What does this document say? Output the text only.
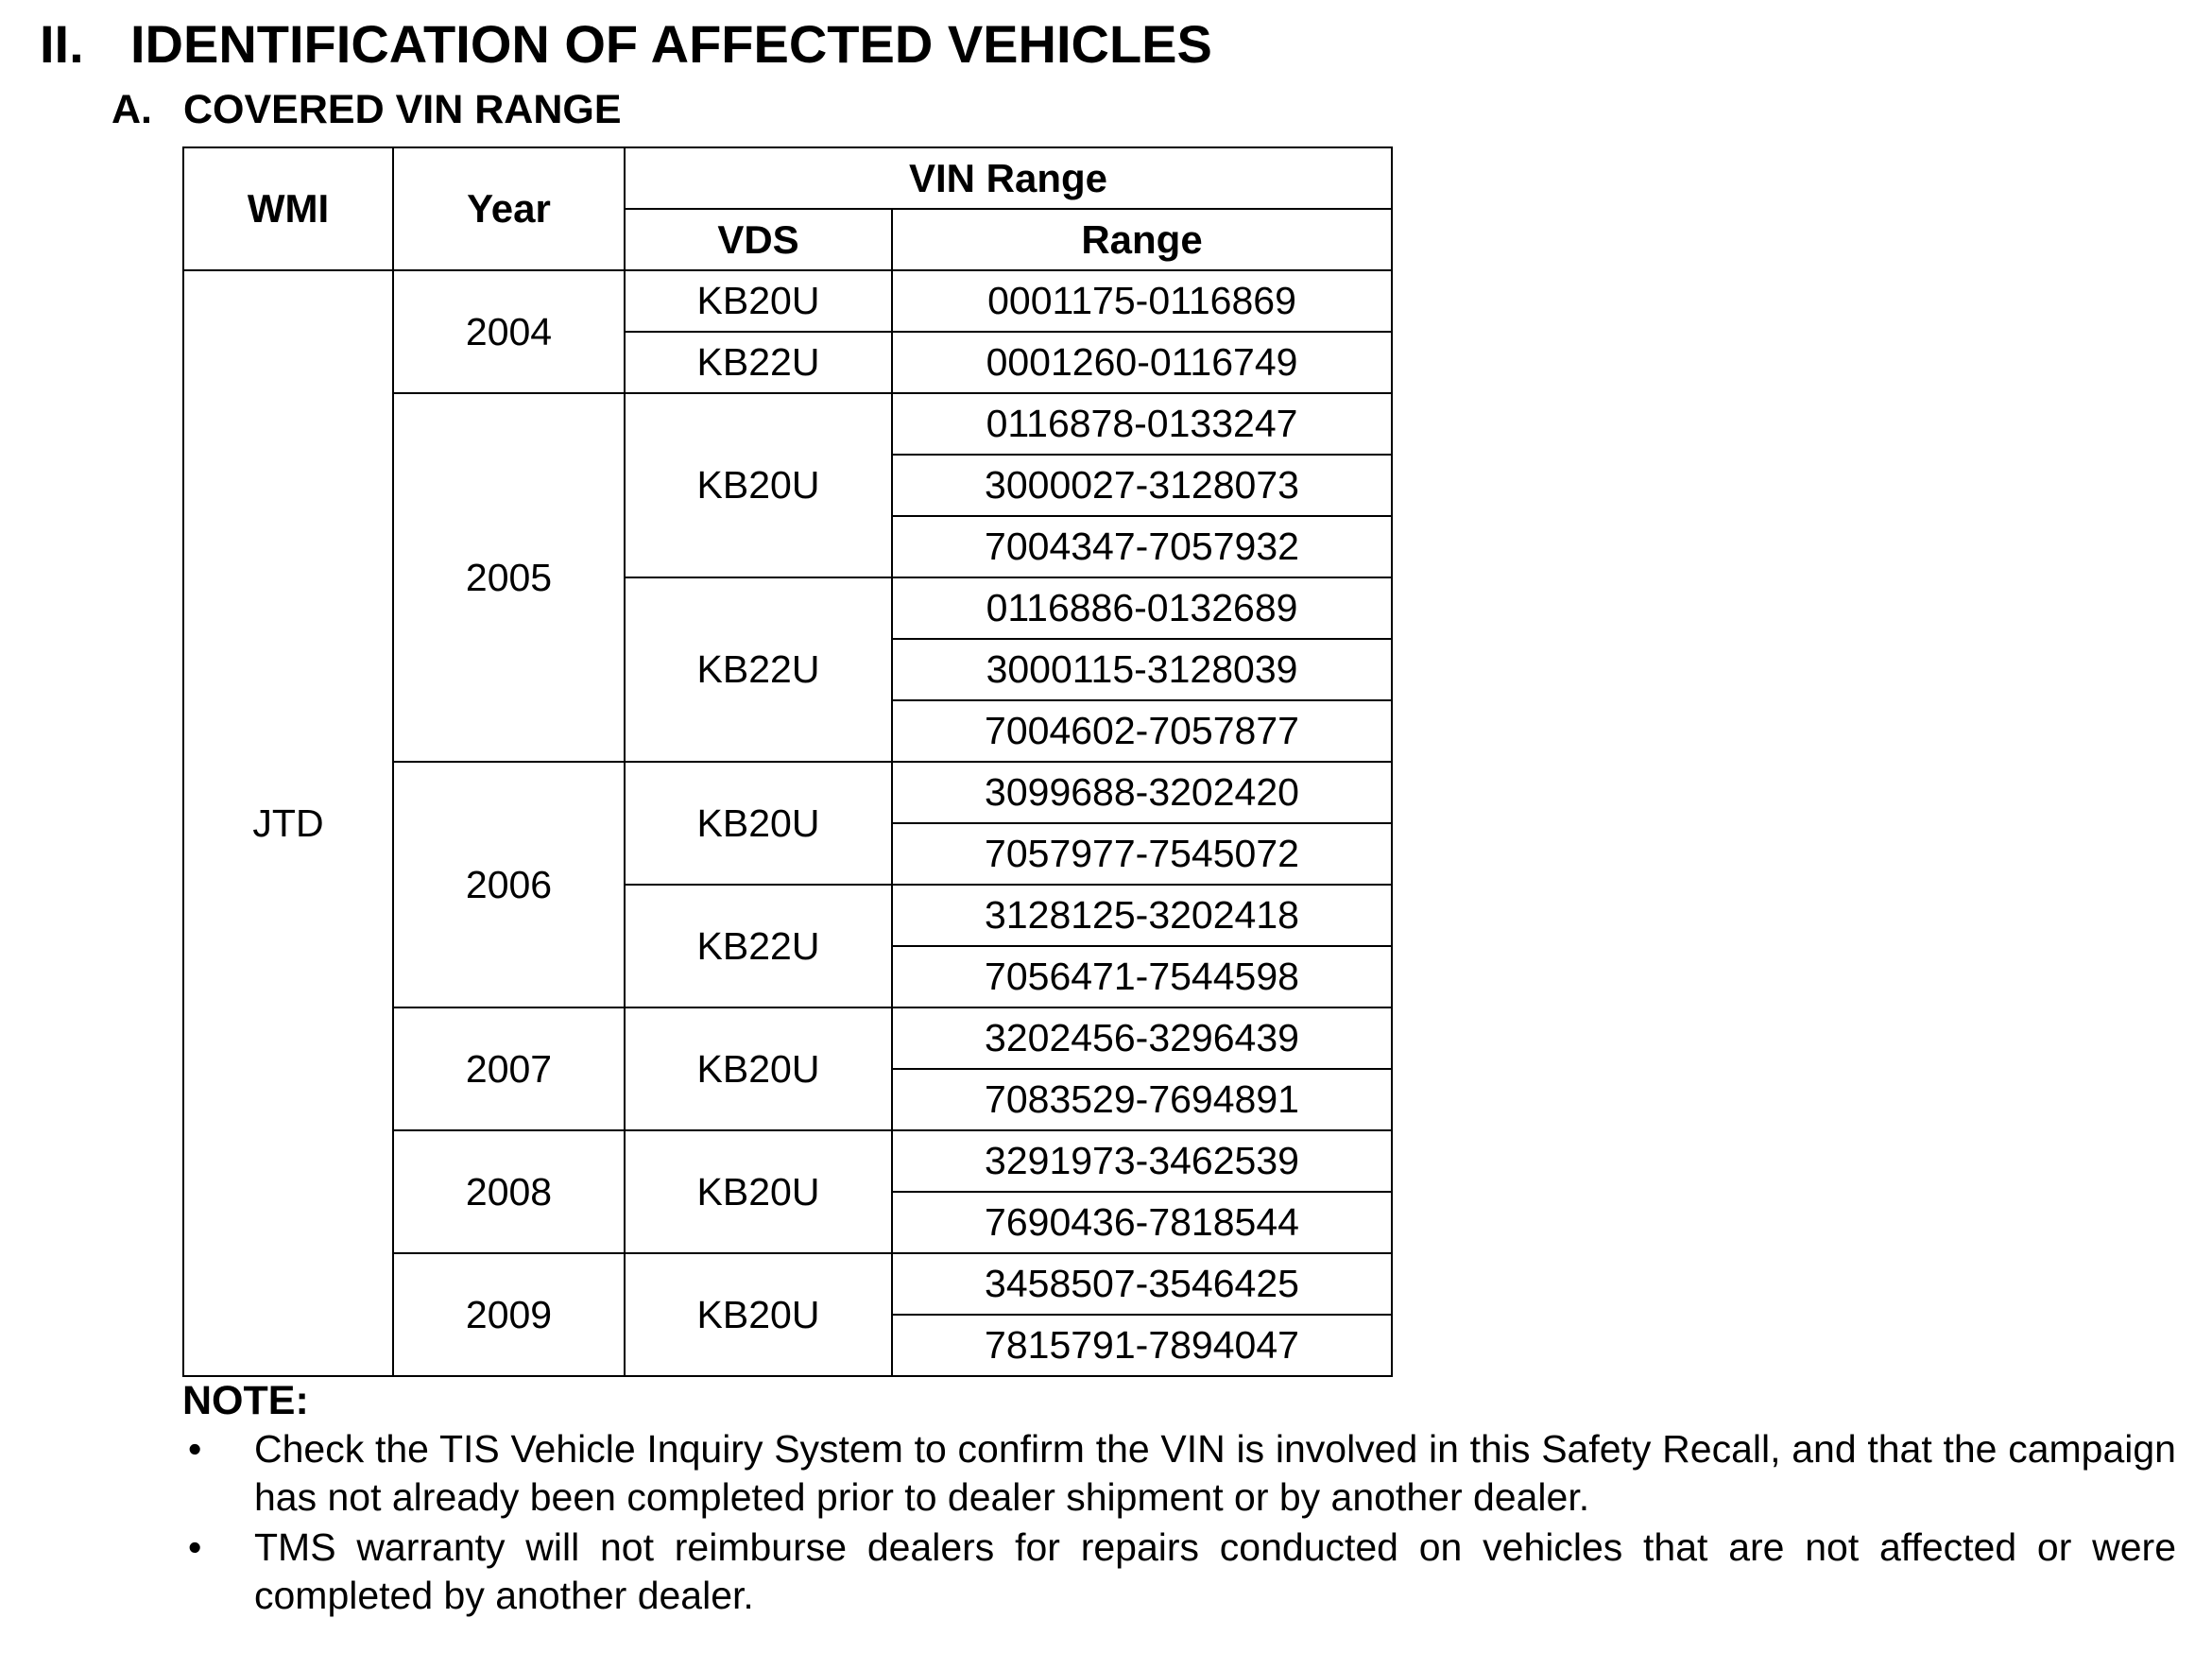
II. IDENTIFICATION OF AFFECTED VEHICLES
A. COVERED VIN RANGE
WMI	Year	VIN Range	
		VDS	Range
JTD	2004	KB20U	0001175-0116869
		KB22U	0001260-0116749
	2005	KB20U	0116878-0133247
			3000027-3128073
			7004347-7057932
		KB22U	0116886-0132689
			3000115-3128039
			7004602-7057877
	2006	KB20U	3099688-3202420
			7057977-7545072
		KB22U	3128125-3202418
			7056471-7544598
	2007	KB20U	3202456-3296439
			7083529-7694891
	2008	KB20U	3291973-3462539
			7690436-7818544
	2009	KB20U	3458507-3546425
			7815791-7894047
NOTE:
• Check the TIS Vehicle Inquiry System to confirm the VIN is involved in this Safety Recall, and that the campaign has not already been completed prior to dealer shipment or by another dealer.
• TMS warranty will not reimburse dealers for repairs conducted on vehicles that are not affected or were completed by another dealer.
